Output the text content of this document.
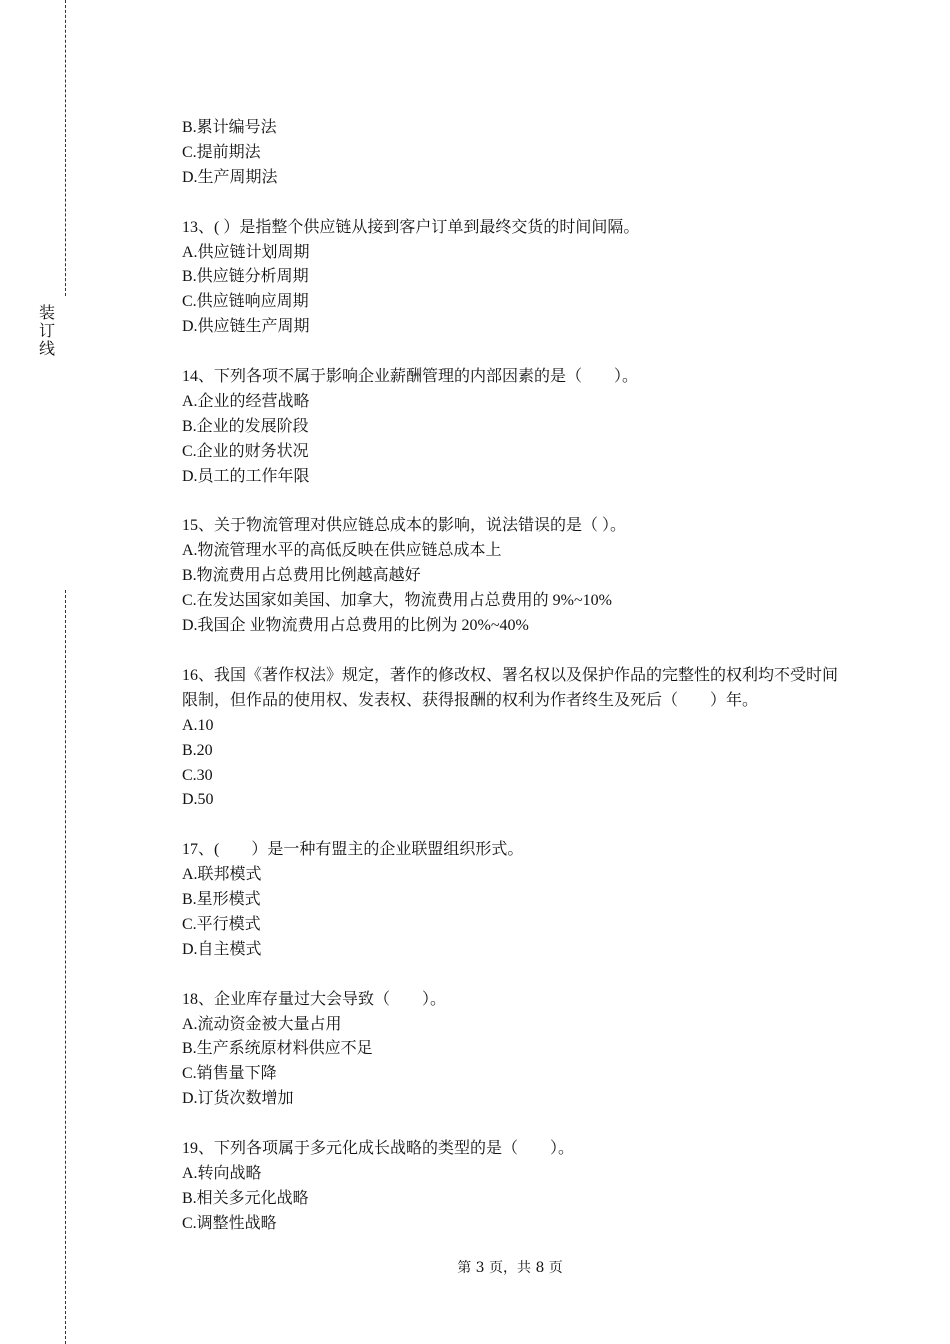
装
订
线
B.累计编号法
C.提前期法
D.生产周期法
13、( ）是指整个供应链从接到客户订单到最终交货的时间间隔。
A.供应链计划周期
B.供应链分析周期
C.供应链响应周期
D.供应链生产周期
14、下列各项不属于影响企业薪酬管理的内部因素的是（　　）。
A.企业的经营战略
B.企业的发展阶段
C.企业的财务状况
D.员工的工作年限
15、关于物流管理对供应链总成本的影响，说法错误的是（ ）。
A.物流管理水平的高低反映在供应链总成本上
B.物流费用占总费用比例越高越好
C.在发达国家如美国、加拿大，物流费用占总费用的 9%~10%
D.我国企 业物流费用占总费用的比例为 20%~40%
16、我国《著作权法》规定，著作的修改权、署名权以及保护作品的完整性的权利均不受时间限制，但作品的使用权、发表权、获得报酬的权利为作者终生及死后（　　）年。
A.10
B.20
C.30
D.50
17、(　　）是一种有盟主的企业联盟组织形式。
A.联邦模式
B.星形模式
C.平行模式
D.自主模式
18、企业库存量过大会导致（　　）。
A.流动资金被大量占用
B.生产系统原材料供应不足
C.销售量下降
D.订货次数增加
19、下列各项属于多元化成长战略的类型的是（　　）。
A.转向战略
B.相关多元化战略
C.调整性战略
第 3 页，共 8 页
